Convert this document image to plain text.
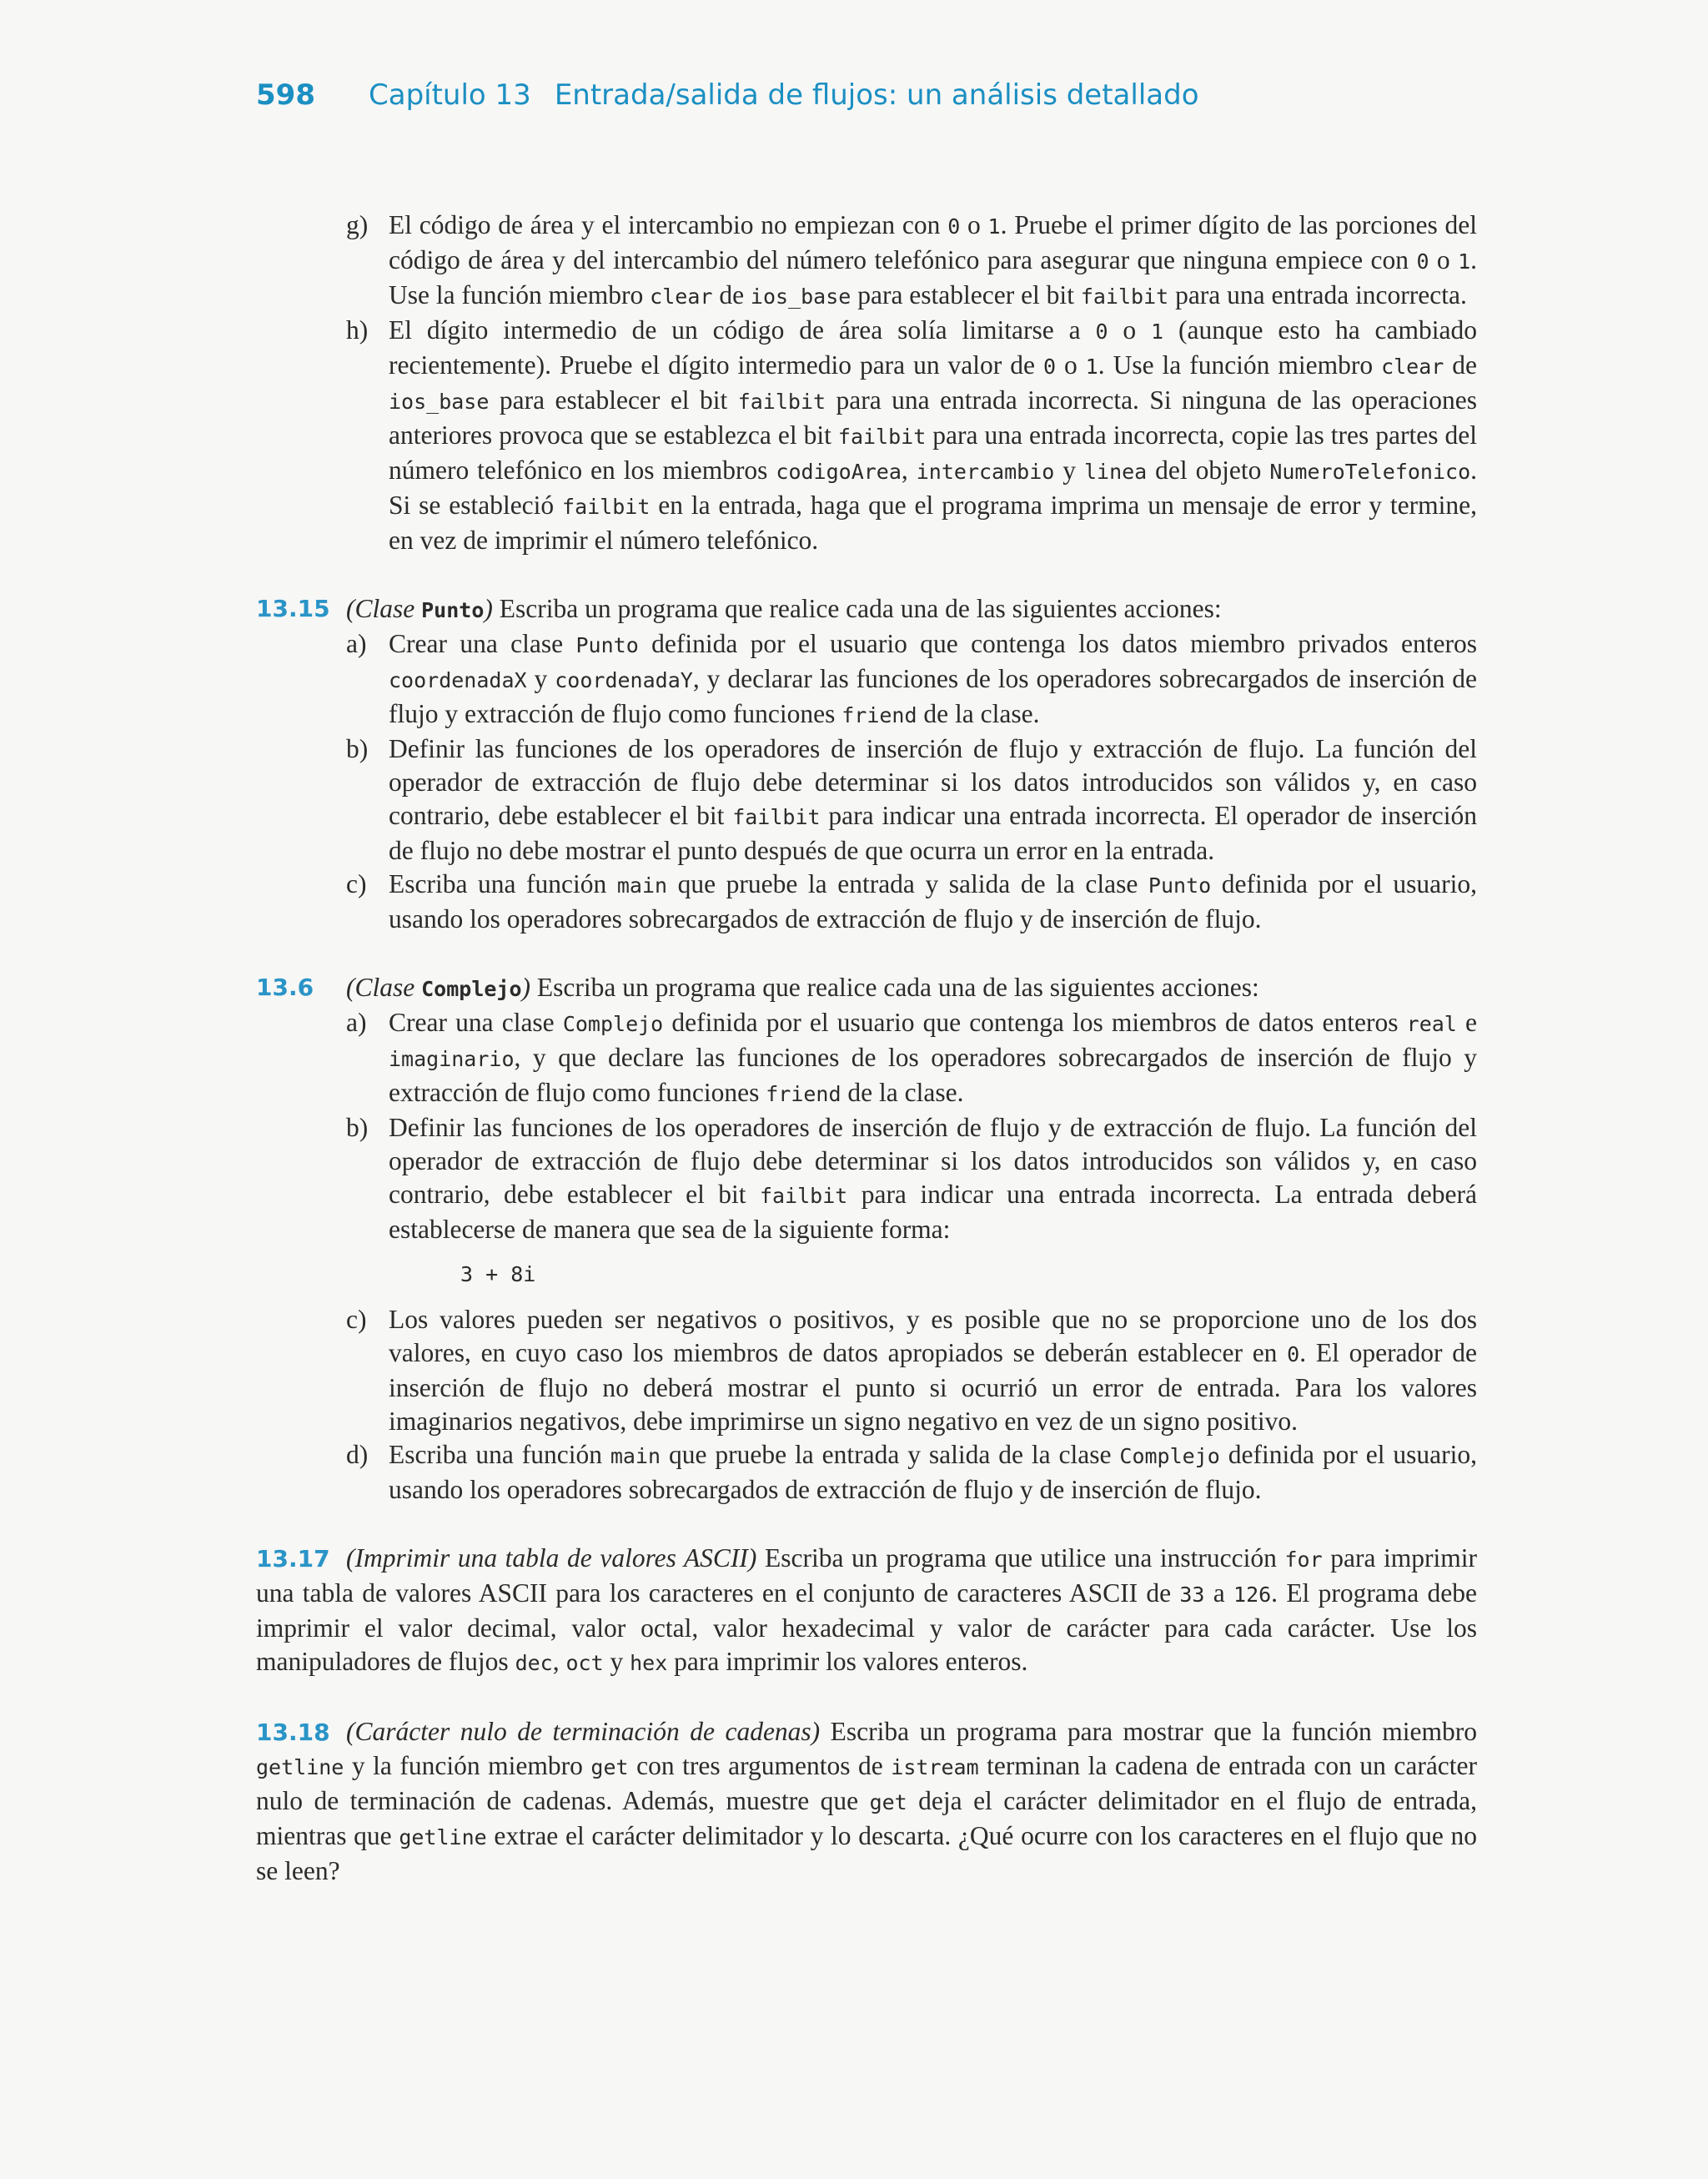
598 Capítulo 13 Entrada/salida de flujos: un análisis detallado
g) El código de área y el intercambio no empiezan con 0 o 1. Pruebe el primer dígito de las porciones del código de área y del intercambio del número telefónico para asegurar que ninguna empiece con 0 o 1. Use la función miembro clear de ios_base para establecer el bit failbit para una entrada incorrecta.
h) El dígito intermedio de un código de área solía limitarse a 0 o 1 (aunque esto ha cambiado recientemente). Pruebe el dígito intermedio para un valor de 0 o 1. Use la función miembro clear de ios_base para establecer el bit failbit para una entrada incorrecta. Si ninguna de las operaciones anteriores provoca que se establezca el bit failbit para una entrada incorrecta, copie las tres partes del número telefónico en los miembros codigoArea, intercambio y linea del objeto NumeroTelefonico. Si se estableció failbit en la entrada, haga que el programa imprima un mensaje de error y termine, en vez de imprimir el número telefónico.
13.15 (Clase Punto) Escriba un programa que realice cada una de las siguientes acciones:
a) Crear una clase Punto definida por el usuario que contenga los datos miembro privados enteros coordenadaX y coordenadaY, y declarar las funciones de los operadores sobrecargados de inserción de flujo y extracción de flujo como funciones friend de la clase.
b) Definir las funciones de los operadores de inserción de flujo y extracción de flujo. La función del operador de extracción de flujo debe determinar si los datos introducidos son válidos y, en caso contrario, debe establecer el bit failbit para indicar una entrada incorrecta. El operador de inserción de flujo no debe mostrar el punto después de que ocurra un error en la entrada.
c) Escriba una función main que pruebe la entrada y salida de la clase Punto definida por el usuario, usando los operadores sobrecargados de extracción de flujo y de inserción de flujo.
13.6 (Clase Complejo) Escriba un programa que realice cada una de las siguientes acciones:
a) Crear una clase Complejo definida por el usuario que contenga los miembros de datos enteros real e imaginario, y que declare las funciones de los operadores sobrecargados de inserción de flujo y extracción de flujo como funciones friend de la clase.
b) Definir las funciones de los operadores de inserción de flujo y de extracción de flujo. La función del operador de extracción de flujo debe determinar si los datos introducidos son válidos y, en caso contrario, debe establecer el bit failbit para indicar una entrada incorrecta. La entrada deberá establecerse de manera que sea de la siguiente forma:
3 + 8i
c) Los valores pueden ser negativos o positivos, y es posible que no se proporcione uno de los dos valores, en cuyo caso los miembros de datos apropiados se deberán establecer en 0. El operador de inserción de flujo no deberá mostrar el punto si ocurrió un error de entrada. Para los valores imaginarios negativos, debe imprimirse un signo negativo en vez de un signo positivo.
d) Escriba una función main que pruebe la entrada y salida de la clase Complejo definida por el usuario, usando los operadores sobrecargados de extracción de flujo y de inserción de flujo.
13.17 (Imprimir una tabla de valores ASCII) Escriba un programa que utilice una instrucción for para imprimir una tabla de valores ASCII para los caracteres en el conjunto de caracteres ASCII de 33 a 126. El programa debe imprimir el valor decimal, valor octal, valor hexadecimal y valor de carácter para cada carácter. Use los manipuladores de flujos dec, oct y hex para imprimir los valores enteros.
13.18 (Carácter nulo de terminación de cadenas) Escriba un programa para mostrar que la función miembro getline y la función miembro get con tres argumentos de istream terminan la cadena de entrada con un carácter nulo de terminación de cadenas. Además, muestre que get deja el carácter delimitador en el flujo de entrada, mientras que getline extrae el carácter delimitador y lo descarta. ¿Qué ocurre con los caracteres en el flujo que no se leen?
